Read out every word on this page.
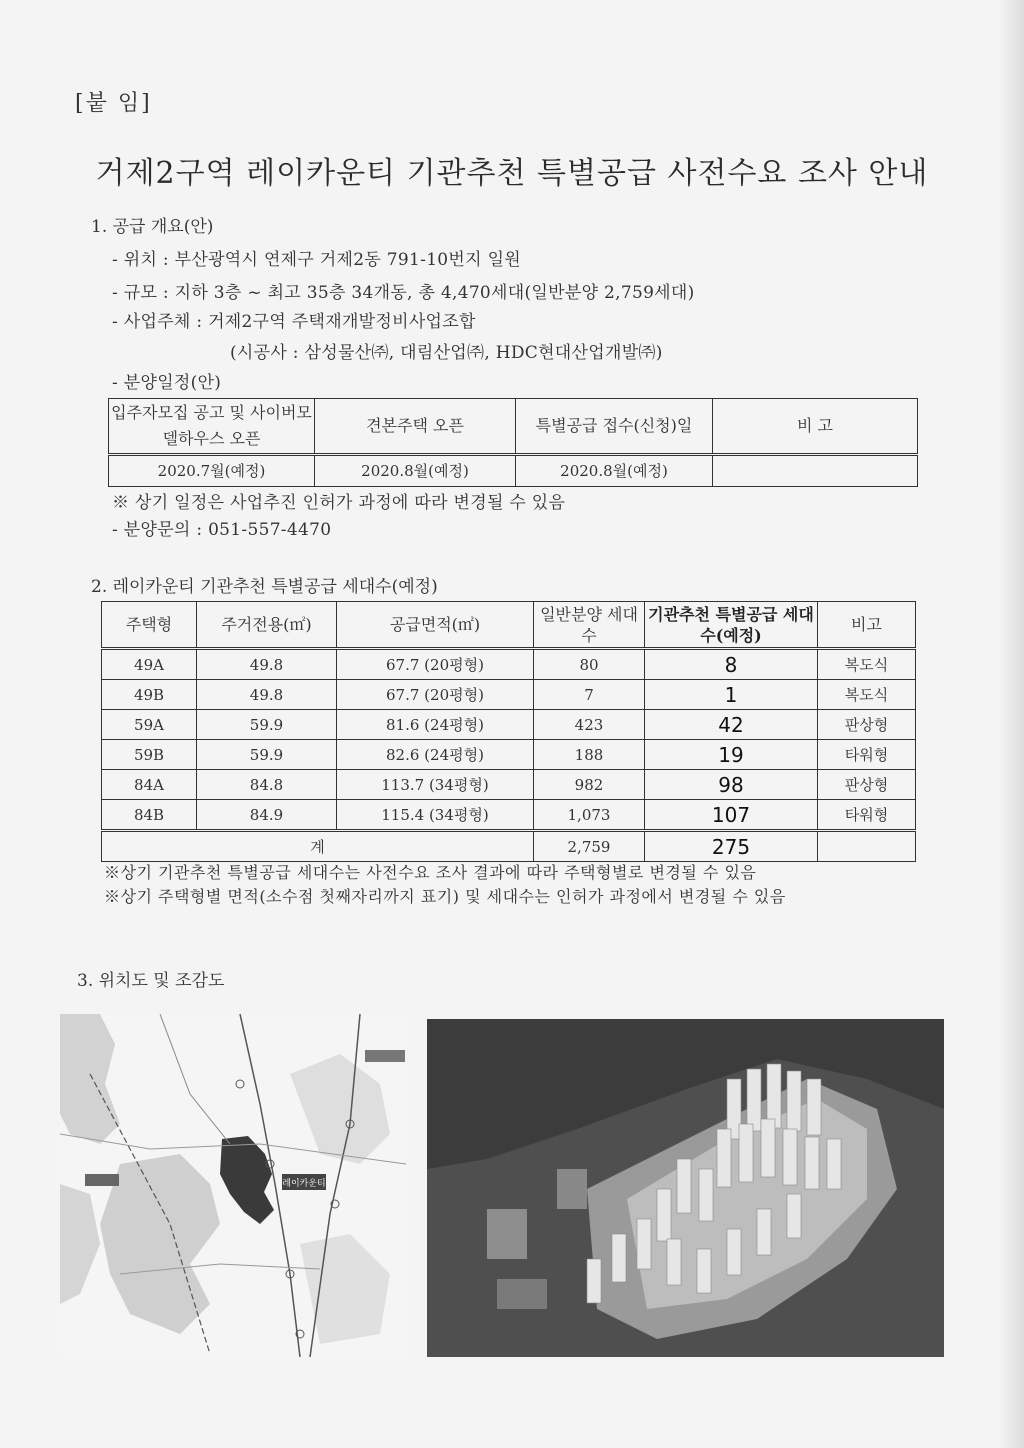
[붙 임]
거제2구역 레이카운티 기관추천 특별공급 사전수요 조사 안내
1. 공급 개요(안)
- 위치 : 부산광역시 연제구 거제2동 791-10번지 일원
- 규모 : 지하 3층 ~ 최고 35층 34개동, 총 4,470세대(일반분양 2,759세대)
- 사업주체 : 거제2구역 주택재개발정비사업조합
(시공사 : 삼성물산㈜, 대림산업㈜, HDC현대산업개발㈜)
- 분양일정(안)
입주자모집 공고 및 사이버모델하우스 오픈	견본주택 오픈	특별공급 접수(신청)일	비 고
2020.7월(예정)	2020.8월(예정)	2020.8월(예정)	
※ 상기 일정은 사업추진 인허가 과정에 따라 변경될 수 있음
- 분양문의 : 051-557-4470
2. 레이카운티 기관추천 특별공급 세대수(예정)
주택형	주거전용(㎡)	공급면적(㎡)	일반분양 세대수	기관추천 특별공급 세대수(예정)	비고
49A	49.8	67.7 (20평형)	80	8	복도식
49B	49.8	67.7 (20평형)	7	1	복도식
59A	59.9	81.6 (24평형)	423	42	판상형
59B	59.9	82.6 (24평형)	188	19	타워형
84A	84.8	113.7 (34평형)	982	98	판상형
84B	84.9	115.4 (34평형)	1,073	107	타워형
계			2,759	275	
※상기 기관추천 특별공급 세대수는 사전수요 조사 결과에 따라 주택형별로 변경될 수 있음
※상기 주택형별 면적(소수점 첫째자리까지 표기) 및 세대수는 인허가 과정에서 변경될 수 있음
3. 위치도 및 조감도
레이카운티
